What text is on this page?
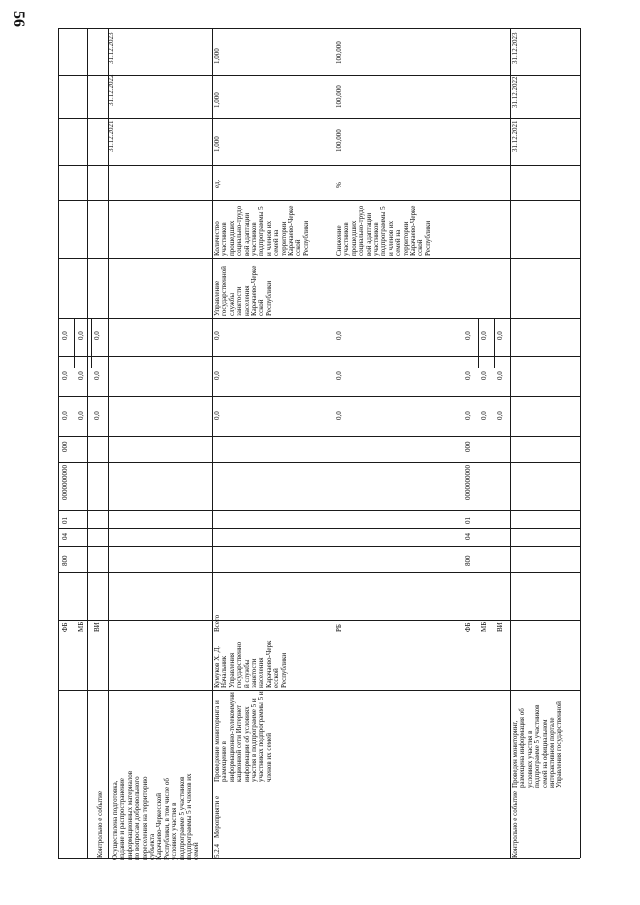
56
Контрольно е событие Осуществлена подготовка,
издание и распространение
информационных материалов
по вопросам добровольного
переселения на территорию
субъекта
Карачаево-Черкесской
Республики, в том числе об
условиях участия в
подпрограмме 5 участников
подпрограммы 5 и членов их
семей
31.12.2021
31.12.2022
31.12.2023
ФБ
800
04
01
0000000000
000
0,0
0,0
0,0
МБ
0,0
0,0
0,0
ВИ
0,0
0,0
0,0
5.2.4
Мероприяти е
Проведение мониторинга и
размещение в
информационно-телекоммуни
кационной сети Интернет
информации об условиях
участия в подпрограмме 5 и
участниках подпрограммы 5 и
членов их семей
Кумуков Х. Д.
Начальник
Управления
государственно
й службы
занятости
населения
Карачаево-Черк
есской
Республики
Всего
0,0
0,0
0,0
Управление
государственной
службы
занятости
населения
Карачаево-Черке
сской
Республики
Количество
участников
прошедших
социально-трудо
вой адаптации
участников
подпрограммы 5
и членов их
семей на
территории
Карачаево-Черке
сской
Республики
ед.
1,000
1,000
1,000
РБ
0,0
0,0
0,0
Снижение
участников
прошедших
социально-трудо
вой адаптации
участников
подпрограммы 5
и членов их
семей на
территории
Карачаево-Черке
сской
Республики
%
100,000
100,000
100,000
ФБ
800
04
01
0000000000
000
0,0
0,0
0,0
МБ
0,0
0,0
0,0
ВИ
0,0
0,0
0,0
Контрольно е событие
Проведен мониторинг,
размещена информация об
условиях участия в
подпрограмме 5 участников
семей на официальном
интерактивном портале
Управления государственной
31.12.2021
31.12.2022
31.12.2023
